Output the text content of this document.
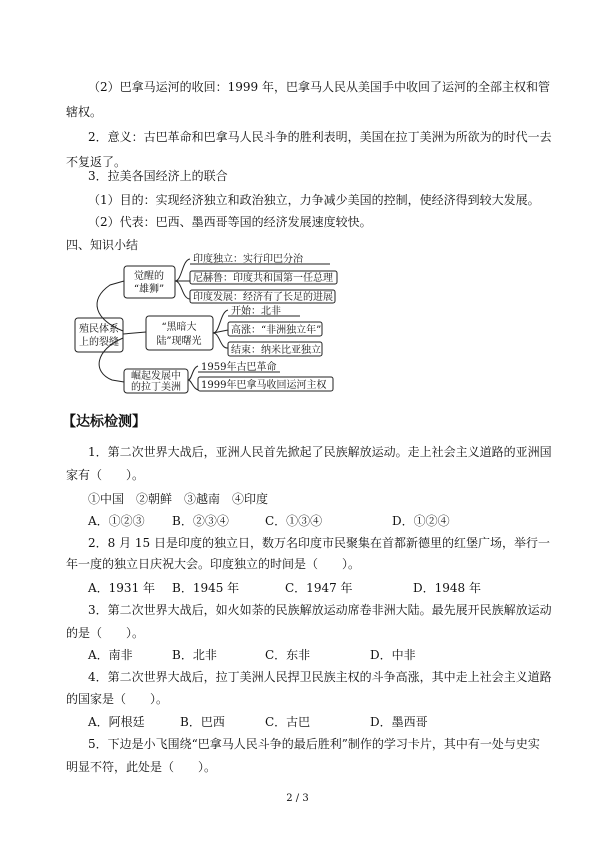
（2）巴拿马运河的收回：1999 年，巴拿马人民从美国手中收回了运河的全部主权和管
辖权。
2．意义：古巴革命和巴拿马人民斗争的胜利表明，美国在拉丁美洲为所欲为的时代一去
不复返了。
3．拉美各国经济上的联合
（1）目的：实现经济独立和政治独立，力争减少美国的控制，使经济得到较大发展。
（2）代表：巴西、墨西哥等国的经济发展速度较快。
四、知识小结
殖民体系
上的裂缝
觉醒的
“雄狮”
印度独立：实行印巴分治
尼赫鲁：印度共和国第一任总理
印度发展：经济有了长足的进展
“黑暗大
陆”现曙光
开始：北非
高涨：“非洲独立年”
结束：纳米比亚独立
崛起发展中
的拉丁美洲
1959年古巴革命
1999年巴拿马收回运河主权
【达标检测】
1．第二次世界大战后，亚洲人民首先掀起了民族解放运动。走上社会主义道路的亚洲国
家有（　　）。
①中国　②朝鲜　③越南　④印度
A．①②③ B．②③④	C．①③④	D．①②④
2．8 月 15 日是印度的独立日，数万名印度市民聚集在首都新德里的红堡广场，举行一
年一度的独立日庆祝大会。印度独立的时间是（　　）。
A．1931 年 B．1945 年	C．1947 年	D．1948 年
3．第二次世界大战后，如火如荼的民族解放运动席卷非洲大陆。最先展开民族解放运动
的是（　　）。
A．南非	B．北非	C．东非	D．中非
4．第二次世界大战后，拉丁美洲人民捍卫民族主权的斗争高涨，其中走上社会主义道路
的国家是（　　）。
A．阿根廷	B．巴西	C．古巴	D．墨西哥
5．下边是小飞围绕“巴拿马人民斗争的最后胜利”制作的学习卡片，其中有一处与史实
明显不符，此处是（　　）。
2 / 3
